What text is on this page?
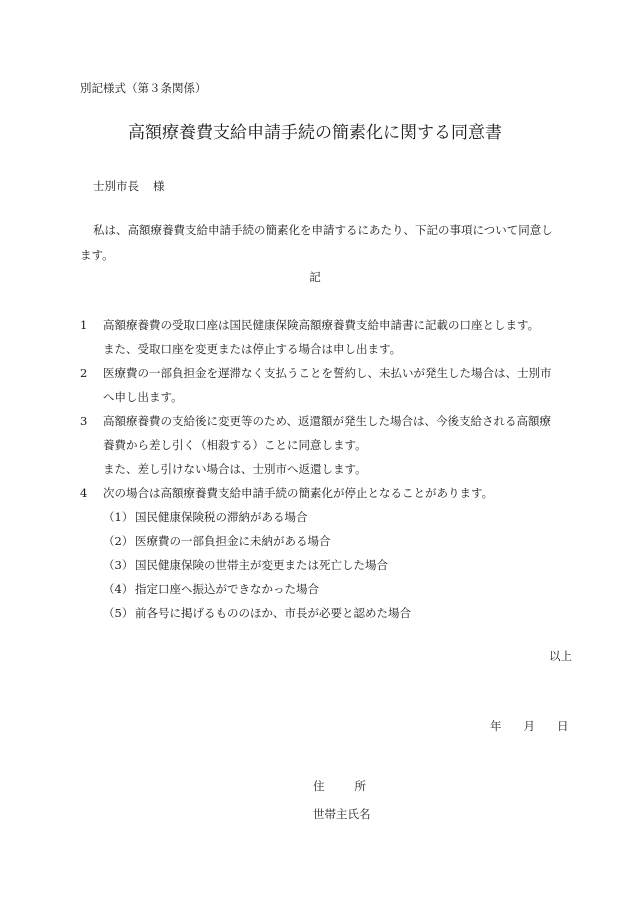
別記様式（第３条関係）
高額療養費支給申請手続の簡素化に関する同意書
士別市長 様
私は、高額療養費支給申請手続の簡素化を申請するにあたり、下記の事項について同意し
ます。
記
1 高額療養費の受取口座は国民健康保険高額療養費支給申請書に記載の口座とします。
また、受取口座を変更または停止する場合は申し出ます。
2 医療費の一部負担金を遅滞なく支払うことを誓約し、未払いが発生した場合は、士別市
へ申し出ます。
3 高額療養費の支給後に変更等のため、返還額が発生した場合は、今後支給される高額療
養費から差し引く（相殺する）ことに同意します。
また、差し引けない場合は、士別市へ返還します。
4 次の場合は高額療養費支給申請手続の簡素化が停止となることがあります。
（1） 国民健康保険税の滞納がある場合
（2） 医療費の一部負担金に未納がある場合
（3） 国民健康保険の世帯主が変更または死亡した場合
（4） 指定口座へ振込ができなかった場合
（5） 前各号に掲げるもののほか、市長が必要と認めた場合
以上
年 月 日
住	所
世帯主氏名
